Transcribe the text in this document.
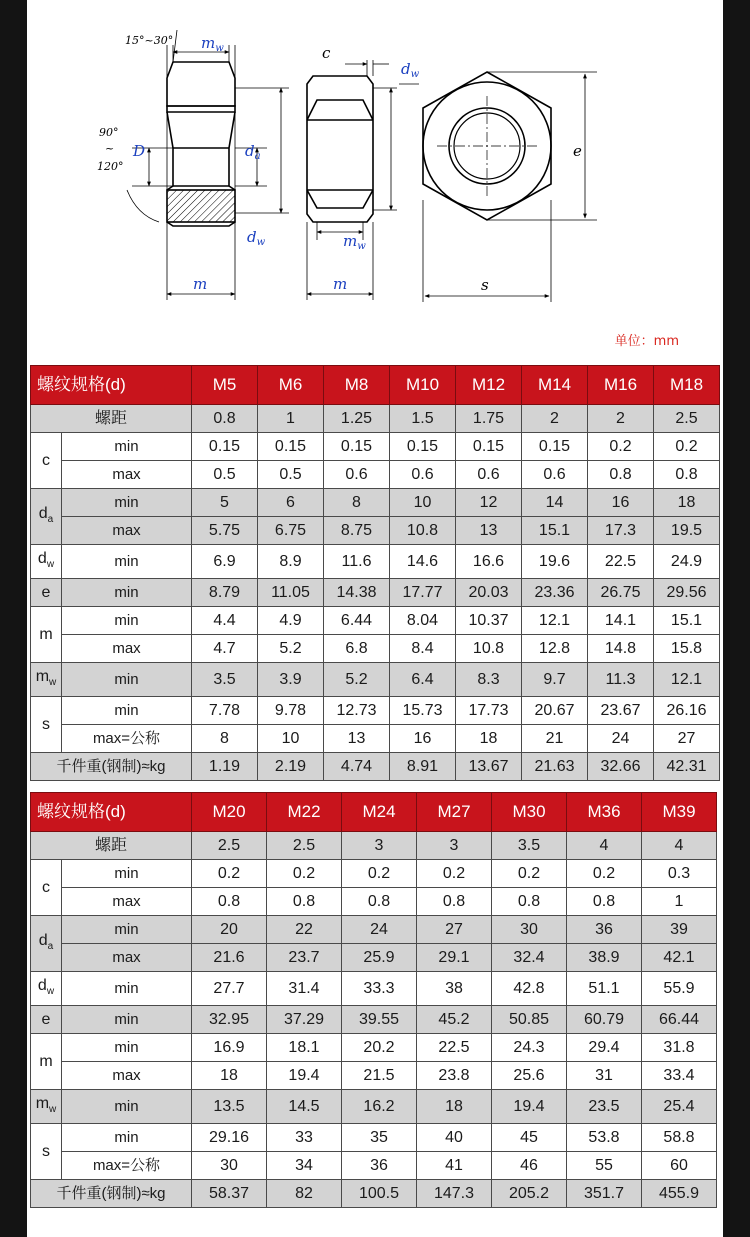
15°~30° $m_w$
90°
~
120°
D	$d_a$
$d_w$
m
c
$d_w$
$m_w$
m
e
s
单位：mm
螺纹规格(d)		M5	M6	M8	M10	M12	M14	M16	M18
螺距		0.8	1	1.25	1.5	1.75	2	2	2.5
c	min	0.15	0.15	0.15	0.15	0.15	0.15	0.2	0.2
	max	0.5	0.5	0.6	0.6	0.6	0.6	0.8	0.8
$d_a$	min	5	6	8	10	12	14	16	18
	max	5.75	6.75	8.75	10.8	13	15.1	17.3	19.5
$d_w$	min	6.9	8.9	11.6	14.6	16.6	19.6	22.5	24.9
e	min	8.79	11.05	14.38	17.77	20.03	23.36	26.75	29.56
m	min	4.4	4.9	6.44	8.04	10.37	12.1	14.1	15.1
	max	4.7	5.2	6.8	8.4	10.8	12.8	14.8	15.8
$m_w$	min	3.5	3.9	5.2	6.4	8.3	9.7	11.3	12.1
s	min	7.78	9.78	12.73	15.73	17.73	20.67	23.67	26.16
	max=公称	8	10	13	16	18	21	24	27
千件重(钢制)≈kg		1.19	2.19	4.74	8.91	13.67	21.63	32.66	42.31
螺纹规格(d)		M20	M22	M24	M27	M30	M36	M39
螺距		2.5	2.5	3	3	3.5	4	4
c	min	0.2	0.2	0.2	0.2	0.2	0.2	0.3
	max	0.8	0.8	0.8	0.8	0.8	0.8	1
$d_a$	min	20	22	24	27	30	36	39
	max	21.6	23.7	25.9	29.1	32.4	38.9	42.1
$d_w$	min	27.7	31.4	33.3	38	42.8	51.1	55.9
e	min	32.95	37.29	39.55	45.2	50.85	60.79	66.44
m	min	16.9	18.1	20.2	22.5	24.3	29.4	31.8
	max	18	19.4	21.5	23.8	25.6	31	33.4
$m_w$	min	13.5	14.5	16.2	18	19.4	23.5	25.4
s	min	29.16	33	35	40	45	53.8	58.8
	max=公称	30	34	36	41	46	55	60
千件重(钢制)≈kg		58.37	82	100.5	147.3	205.2	351.7	455.9
